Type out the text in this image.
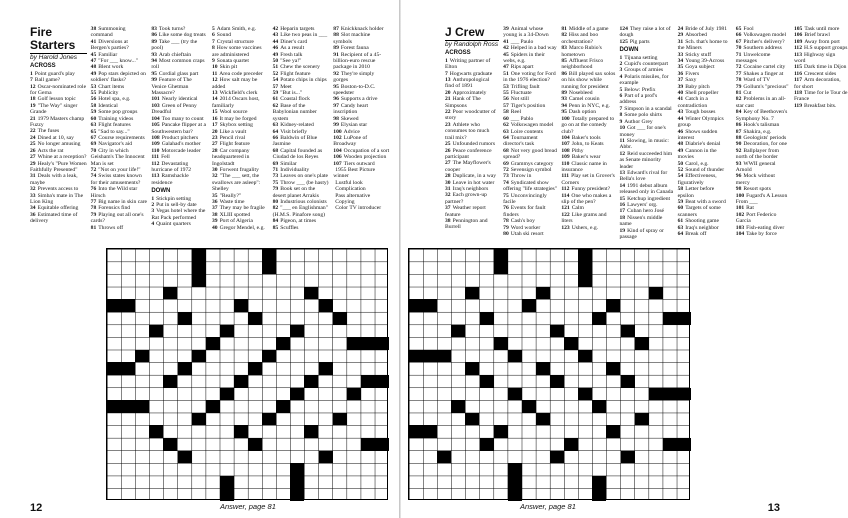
Fire Starters
by Harold Jones
ACROSS
1 Point guard's play
7 Ball game?
12 Oscar-nominated role for Gerna
18 Golf lesson topic
19 "The Way" singer Grande
21 1979 Masters champ Fuzzy
22 The fuses
24 Dined at 10, say
25 No longer amusing
26 Acts the rat
27 Whine at a reception?
29 Healy's "Pure Women Faithfully Presented"
31 Deals with a leak, maybe
32 Prevents access to
33 Simba's mate in The Lion King
34 Equitable offering
36 Estimated time of delivery
38 Summoning command
41 Diversions at Bergen's parties?
45 Familiar
47 "For ___ know..."
48 Blent work
49 Pop stars depicted on soldiers' flasks?
53 Chart items
55 Publicity
56 Hotel spa, e.g.
58 Identical
59 Some pop groups
60 Training videos
63 Flight features
65 "Sad to say..."
67 Course requirements
69 Navigator's aid
70 City in which Geisham's The Innocent Man is set
72 "Not on your life!"
74 Swiss states known for their amusements?
76 Into the Wild star Hirsch
77 Big name in skin care
78 Forensics find
79 Playing out all one's cards?
81 Throws off
83 Took turns?
86 Like some dog treats
89 Take ___ (try the pool)
93 Arab chieftain
94 Most common craps roll
95 Cordial glass part
99 Feature of The Venice Ghetman Massacre?
101 Nearly identical
103 Green of Penny Dreadful
104 Too many to count
105 Pancake flipper at a Southwestern bar?
108 Product pitchers
109 Galahad's mother
110 Motorcade leader
111 Fell
112 Devastating hurricane of 1972
113 Ramshackle residence
DOWN
1 Stickpin setting
2 Put in sell-by date
3 Vegas hotel where the Rat Pack performed
4 Quaint quarters
5 Adam Smith, e.g.
6 Sound
7 Crystal structure
8 How some vaccines are administered
9 Sonata quartet
10 Skin pit
11 Area code preceder
12 How salt may be added
13 Wickfield's clerk
14 2014 Oscars host, familiarly
15 Wool source
16 It may be forged
17 Skybox setting
20 Like a vault
23 Pencil rival
27 Flight feature
28 Car company headquartered in Ingolstadt
30 Forwent frugality
32 "The ___ sett, the swallows are asleep": Shelley
35 "Really?"
36 Waste time
37 They may be fragile
38 XLIII spotted
39 Port of Algeria
40 Gregor Mendel, e.g.
42 Heparin targets
43 Like two peas in ___
44 Diner's card
46 As a result
49 Fresh talk
50 "See ya!"
51 Chew the scenery
52 Flight feature
54 Potato chips in chips
57 Meet
59 "But is..."
61 Coastal flock
62 Base of the Babylonian number system
63 Kidney-related
64 Visit briefly
66 Baldwin of Blue Jasmine
68 Capital founded as Ciudad de los Reyes
69 Similar
71 Individuality
73 Leaves on one's plate
75 Throw ___ (be hasty)
79 Book set on the desert planet Arrakis
80 Industrious colonists
82 "___ en Englishman" (H.M.S. Pinafore song)
84 Pigeon, at times
85 Scuffles
87 Knickknack holder
88 Slot machine symbols
89 Forest fauna
91 Recipient of a 45-billion-euro rescue package in 2010
92 They're simply gorges
95 Boston-to-D.C. speedster
96 Supports a drive
97 Candy heart inscription
98 Skewed
99 Elysian star
100 Advice
102 LuPone of Broadway
104 Occupation of a sort
106 Wooden projection
107 Tiers outward
1955 Best Picture winner
Lustful look
Complication
Pass alternative
Copying
Color TV introducer
12	Answer, page 81
J Crew
by Randolph Ross
ACROSS
1 Writing partner of Elton
7 Hogwarts graduate
13 Anthropological find of 1891
20 Approximately
21 Hank of The Simpsons
22 Poor woodcutter of story
23 Athlete who consumes too much trail mix?
25 Unfounded rumors
26 Peace conference participant
27 The Mayflower's cooper
28 Duplicate, in a way
30 Leave in hot water
31 Iraq's neighbors
32 Each grown-up partner?
37 Weather report feature
38 Pennington and Burrell
39 Animal whose young is a 34-Down
41 ___ Paulo
42 Helped in a bad way
45 Spiders in their webs, e.g.
47 Rips apart
51 One voting for Ford in the 1976 election?
53 Trifling fault
55 Fluctuate
56 Not still
57 Tiger's position
58 Reel
60 ___ Pablo
62 Volkswagen model
63 Loire contents
64 Tournament director's task
68 Not very good bread spread?
69 Grammys category
72 Sevensign symbol
73 Throw in
74 Syndicated show offering "life strategies"
75 Unconvincingly facile
76 Events for fault finders
78 Cash's boy
79 Word worker
80 Utah ski resort
81 Middle of a game
82 Hiss and boo orchestration?
83 Marco Rubio's hometown
85 Affluent Frisco neighborhood
86 Bill played sax solos on his show while running for president
89 Nosebleed
93 Camel cousin
94 Penn in NYC, e.g.
95 Dash option
100 Totally prepared to go on at the comedy club?
104 Baker's tools
107 John, to Keats
108 Pithy
109 Baker's wear
110 Classic name in insurance
111 Play set in Grover's Corners
112 Funny president?
114 One who makes a slip of the pen?
121 Calm
122 Like grams and liters
123 Ushers, e.g.
124 They raise a lot of dough
125 Pig parts
DOWN
1 Tijuana setting
2 Cupid's counterpart
3 Groups of armies
4 Polaris missiles, for example
5 Below: Prefix
6 Part of a prof's address
7 Simpson in a scandal
8 Some polo shirts
9 Author Grey
10 Got ___ for one's money
11 Slowing, in music: Abbr.
12 Reid succeeded him as Senate minority leader
13 Edward's rival for Bella's love
14 1991 debut album released only in Canada
15 Ketchup ingredient
16 Lawyers' org.
17 Cuban hero José
18 Nissen's middle name
19 Kind of spray or passage
24 Bride of July 1981
29 Absorbed
31 Sch. that's home to the Miners
33 Sticky stuff
34 Young 39-Across
35 Goya subject
36 Fivers
37 Saxy
39 Baby pitch
40 Shell propeller
41 Catch in a contradiction
43 Tough bosses
44 Winter Olympics group
46 Shows sudden interest
48 Diabrie's denial
49 Cannon in the movies
50 Carol, e.g.
52 Sound of thunder
54 Effectiveness, figuratively
58 Letter before epsilon
59 Beat with a sword
60 Targets of some scanners
61 Shooting game
63 Iraq's neighbor
64 Break off
65 Fool
66 Volkswagen model
67 Pitcher's delivery?
70 Southern address
71 Unwelcome messages
72 Cocaine cartel city
77 Shakes a finger at
78 Ward of TV
79 Gollum's "precious"
81 Cut
82 Problems in an all-star cast
84 Key of Beethoven's Symphony No. 7
86 Hook's talisman
87 Shakira, e.g.
88 Geologists' periods
90 Decoration, for one
92 Ballplayer from north of the border
93 WWII general Arnold
96 Mock without mercy
98 Resort spots
100 Fugard's A Lesson From ___
101 Rat
102 Port Federico Garcia
103 Fish-eating diver
104 Take by force
105 Task until more
106 Brief brawl
109 Away from port
112 H.S support groups
113 Highway sign word
115 Dark time in Dijon
116 Crescent sides
117 Arm decoration, for short
118 Time for le Tour de France
119 Breakfast bits.
13
Answer, page 81
